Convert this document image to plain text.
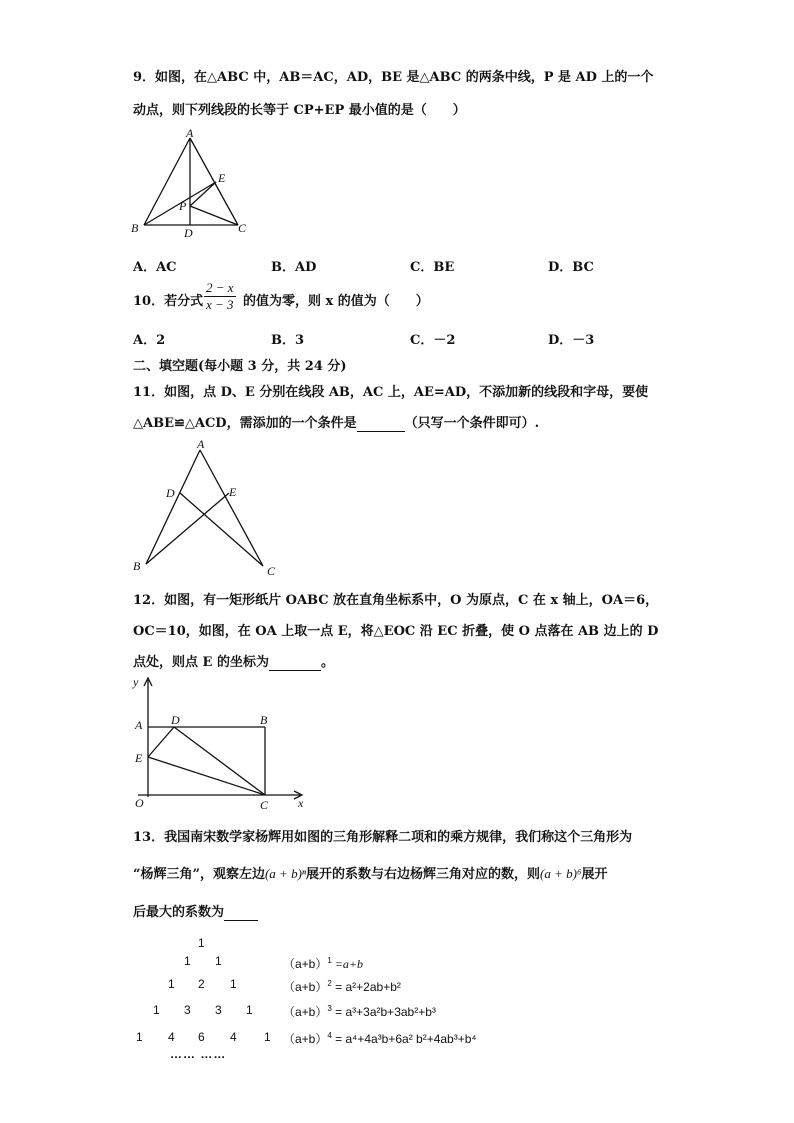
9．如图，在△ABC 中，AB＝AC，AD，BE 是△ABC 的两条中线，P 是 AD 上的一个
动点，则下列线段的长等于 CP+EP 最小值的是（　　）
A
B	C
D
E
P
A．AC	B．AD	C．BE	D．BC
10．若分式 $\frac{2 - x}{x - 3}$ 的值为零，则 x 的值为（　　）
A．2	B．3	C．－2	D．－3
二、填空题(每小题 3 分，共 24 分)
11．如图，点 D、E 分别在线段 AB，AC 上，AE=AD，不添加新的线段和字母，要使
△ABE≌△ACD，需添加的一个条件是	（只写一个条件即可）.
A
D	E
B	C
12．如图，有一矩形纸片 OABC 放在直角坐标系中，O 为原点，C 在 x 轴上，OA＝6，
OC＝10，如图，在 OA 上取一点 E，将△EOC 沿 EC 折叠，使 O 点落在 AB 边上的 D
点处，则点 E 的坐标为	。
y
x
O
A
E
D	B
C
13．我国南宋数学家杨辉用如图的三角形解释二项和的乘方规律，我们称这个三角形为
“杨辉三角”，观察左边(a + b)ⁿ展开的系数与右边杨辉三角对应的数，则(a + b)⁶展开
后最大的系数为
1
1 1
1 2 1
1 3 3 1
1 4 6 4 1
…… ……
$(a+b)^1 =a+b$
$(a+b)^2 = a^2+2ab+b^2$
$(a+b)^3 = a^3+3a^2b+3ab^2+b^3$
$(a+b)^4 = a^4+4a^3b+6a^2$ b²+4ab³+b⁴
